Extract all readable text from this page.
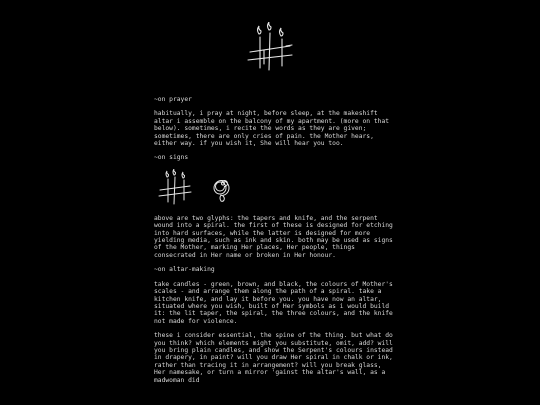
~on prayer
habitually, i pray at night, before sleep, at the makeshift altar i assemble on the balcony of my apartment. (more on that below). sometimes, i recite the words as they are given; sometimes, there are only cries of pain. the Mother hears, either way. if you wish it, She will hear you too.
~on signs
above are two glyphs: the tapers and knife, and the serpent wound into a spiral. the first of these is designed for etching into hard surfaces, while the latter is designed for more yielding media, such as ink and skin. both may be used as signs of the Mother, marking Her places, Her people, things consecrated in Her name or broken in Her honour.
~on altar-making
take candles - green, brown, and black, the colours of Mother's scales - and arrange them along the path of a spiral. take a kitchen knife, and lay it before you. you have now an altar, situated where you wish, built of Her symbols as i would build it: the lit taper, the spiral, the three colours, and the knife not made for violence.
these i consider essential, the spine of the thing. but what do you think? which elements might you substitute, omit, add? will you bring plain candles, and show the Serpent's colours instead in drapery, in paint? will you draw Her spiral in chalk or ink, rather than tracing it in arrangement? will you break glass, Her namesake, or turn a mirror 'gainst the altar's wall, as a madwoman did
